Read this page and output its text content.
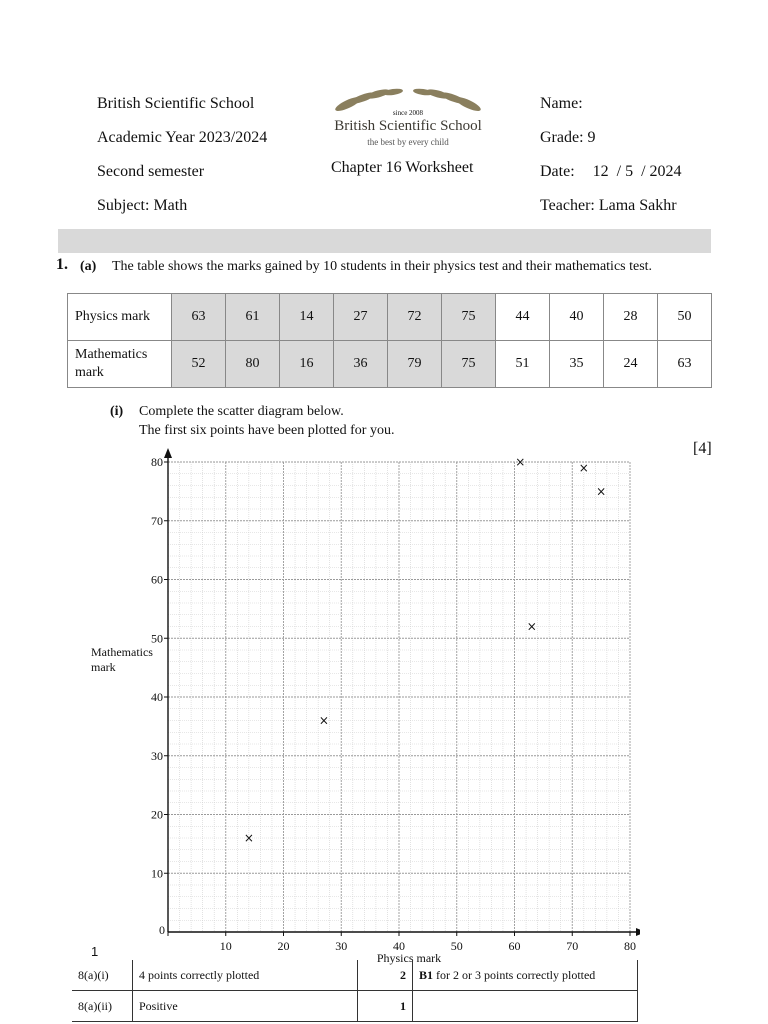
British Scientific School
Academic Year 2023/2024
Second semester
Subject: Math
since 2008
British Scientific School
the best by every child
Chapter 16 Worksheet
Name:
Grade: 9
Date: 12  / 5  / 2024
Teacher: Lama Sakhr
1. (a) The table shows the marks gained by 10 students in their physics test and their mathematics test.
Physics mark	63	61	14	27	72	75	44	40	28	50
Mathematics mark	52	80	16	36	79	75	51	35	24	63
(i) Complete the scatter diagram below.
The first six points have been plotted for you.
[4]
0
10	20	30	40	50	60	70	80
10
20
30
40
50
60
70
80
Physics mark
Mathematics mark
×
×
×
×
×
×
1
8(a)(i)	4 points correctly plotted	2	B1 for 2 or 3 points correctly plotted
8(a)(ii)	Positive	1	
